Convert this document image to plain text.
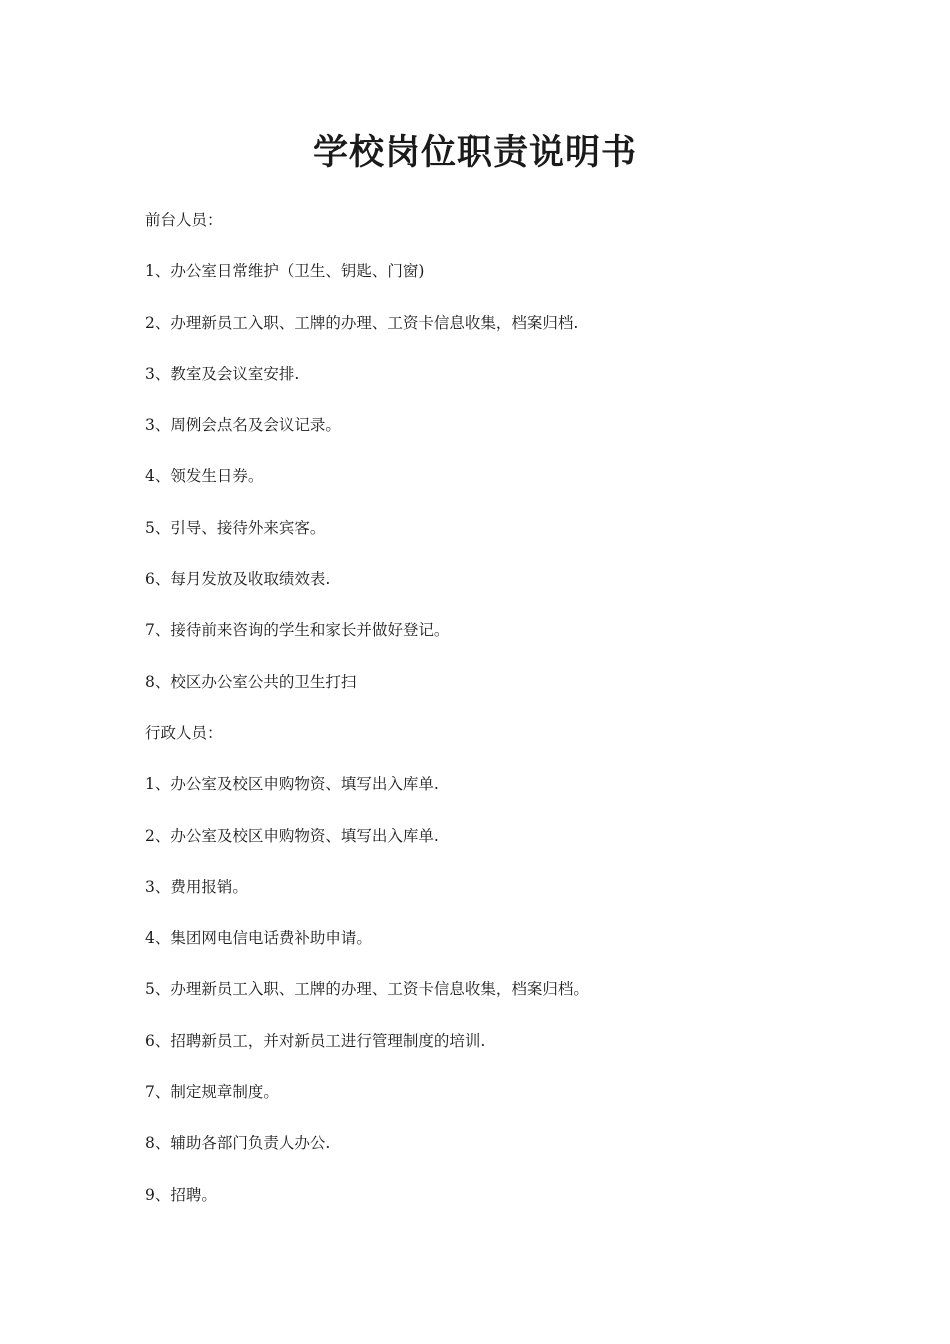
学校岗位职责说明书
前台人员：
1、办公室日常维护（卫生、钥匙、门窗)
2、办理新员工入职、工牌的办理、工资卡信息收集，档案归档.
3、教室及会议室安排.
3、周例会点名及会议记录。
4、领发生日券。
5、引导、接待外来宾客。
6、每月发放及收取绩效表.
7、接待前来咨询的学生和家长并做好登记。
8、校区办公室公共的卫生打扫
行政人员：
1、办公室及校区申购物资、填写出入库单.
2、办公室及校区申购物资、填写出入库单.
3、费用报销。
4、集团网电信电话费补助申请。
5、办理新员工入职、工牌的办理、工资卡信息收集，档案归档。
6、招聘新员工，并对新员工进行管理制度的培训.
7、制定规章制度。
8、辅助各部门负责人办公.
9、招聘。
